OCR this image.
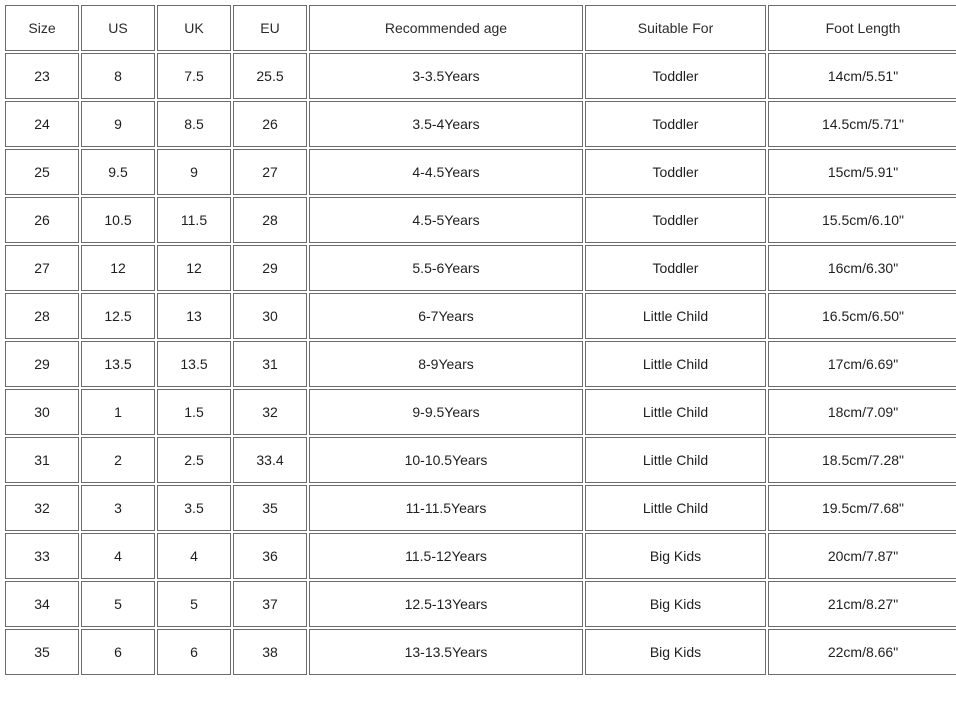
Size	US	UK	EU	Recommended age	Suitable For	Foot Length
23	8	7.5	25.5	3-3.5Years	Toddler	14cm/5.51"
24	9	8.5	26	3.5-4Years	Toddler	14.5cm/5.71"
25	9.5	9	27	4-4.5Years	Toddler	15cm/5.91"
26	10.5	11.5	28	4.5-5Years	Toddler	15.5cm/6.10"
27	12	12	29	5.5-6Years	Toddler	16cm/6.30"
28	12.5	13	30	6-7Years	Little Child	16.5cm/6.50"
29	13.5	13.5	31	8-9Years	Little Child	17cm/6.69"
30	1	1.5	32	9-9.5Years	Little Child	18cm/7.09"
31	2	2.5	33.4	10-10.5Years	Little Child	18.5cm/7.28"
32	3	3.5	35	11-11.5Years	Little Child	19.5cm/7.68"
33	4	4	36	11.5-12Years	Big Kids	20cm/7.87"
34	5	5	37	12.5-13Years	Big Kids	21cm/8.27"
35	6	6	38	13-13.5Years	Big Kids	22cm/8.66"
